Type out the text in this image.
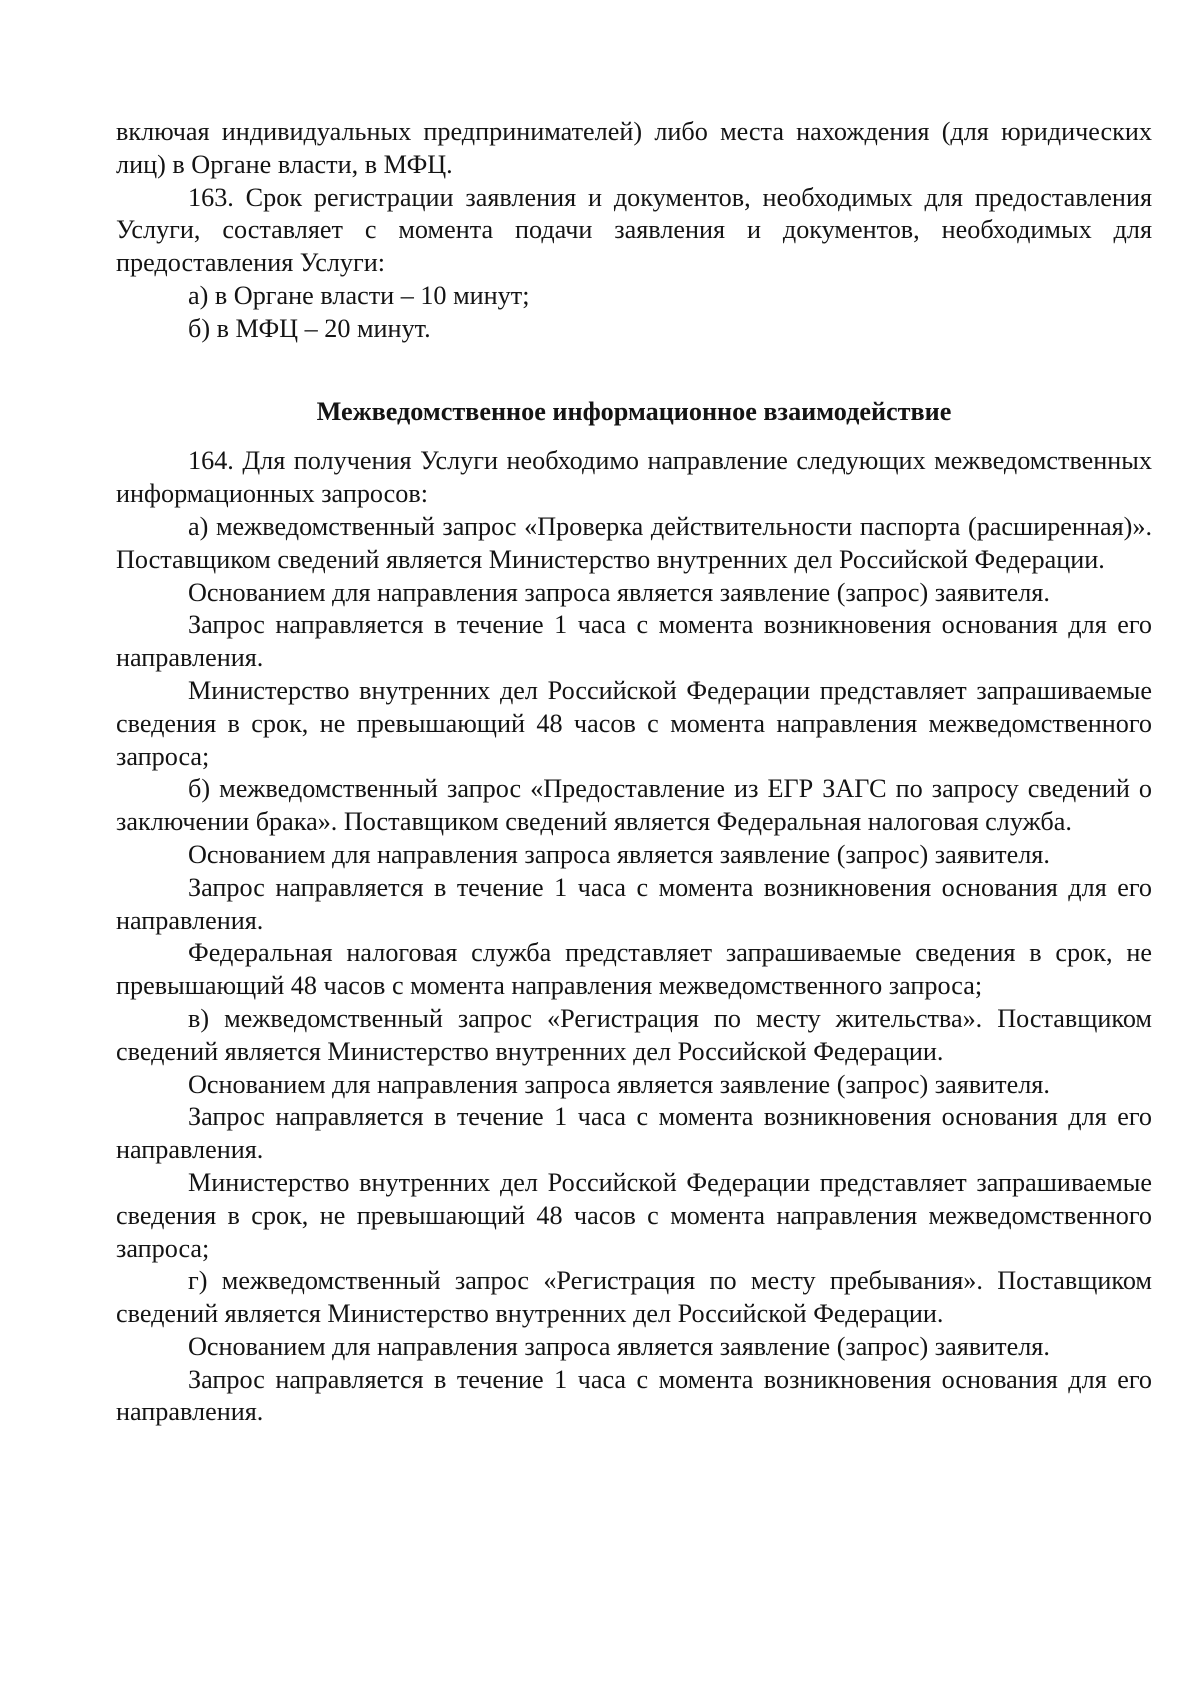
включая индивидуальных предпринимателей) либо места нахождения (для юридических лиц) в Органе власти, в МФЦ.

163. Срок регистрации заявления и документов, необходимых для предоставления Услуги, составляет с момента подачи заявления и документов, необходимых для предоставления Услуги:

а) в Органе власти – 10 минут;

б) в МФЦ – 20 минут.

Межведомственное информационное взаимодействие

164. Для получения Услуги необходимо направление следующих межведомственных информационных запросов:

а) межведомственный запрос «Проверка действительности паспорта (расширенная)». Поставщиком сведений является Министерство внутренних дел Российской Федерации.

Основанием для направления запроса является заявление (запрос) заявителя.

Запрос направляется в течение 1 часа с момента возникновения основания для его направления.

Министерство внутренних дел Российской Федерации представляет запрашиваемые сведения в срок, не превышающий 48 часов с момента направления межведомственного запроса;

б) межведомственный запрос «Предоставление из ЕГР ЗАГС по запросу сведений о заключении брака». Поставщиком сведений является Федеральная налоговая служба.

Основанием для направления запроса является заявление (запрос) заявителя.

Запрос направляется в течение 1 часа с момента возникновения основания для его направления.

Федеральная налоговая служба представляет запрашиваемые сведения в срок, не превышающий 48 часов с момента направления межведомственного запроса;

в) межведомственный запрос «Регистрация по месту жительства». Поставщиком сведений является Министерство внутренних дел Российской Федерации.

Основанием для направления запроса является заявление (запрос) заявителя.

Запрос направляется в течение 1 часа с момента возникновения основания для его направления.

Министерство внутренних дел Российской Федерации представляет запрашиваемые сведения в срок, не превышающий 48 часов с момента направления межведомственного запроса;

г) межведомственный запрос «Регистрация по месту пребывания». Поставщиком сведений является Министерство внутренних дел Российской Федерации.

Основанием для направления запроса является заявление (запрос) заявителя.

Запрос направляется в течение 1 часа с момента возникновения основания для его направления.
